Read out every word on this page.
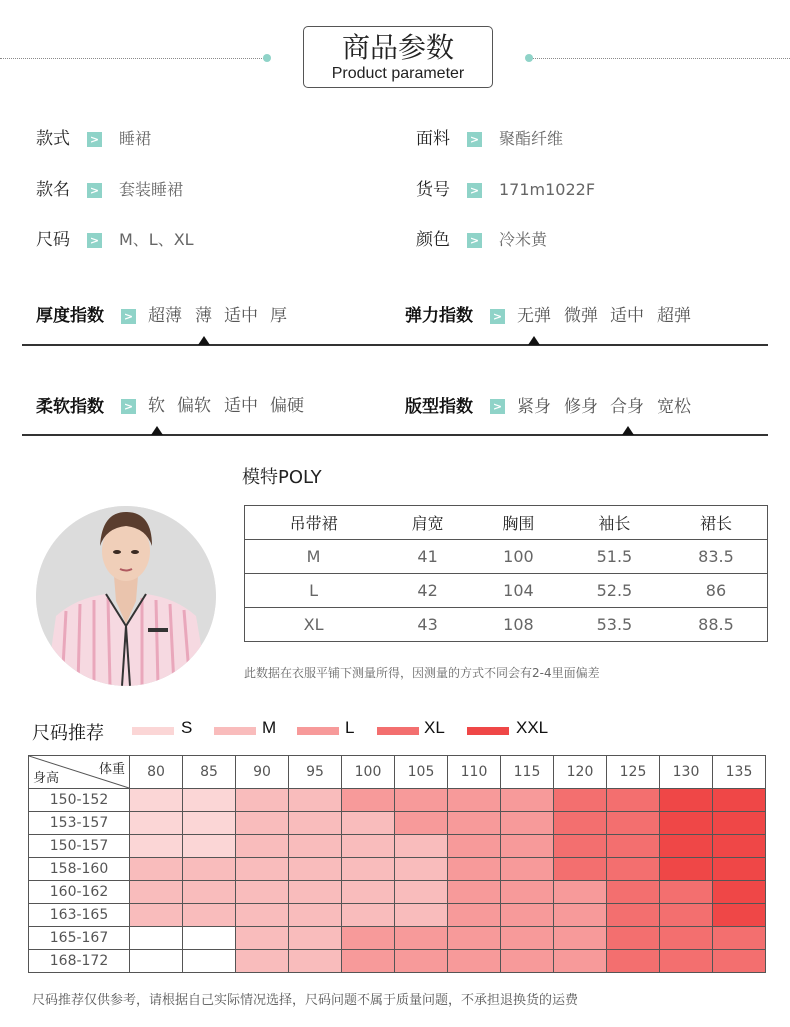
商品参数
Product parameter
款式 > 睡裙	面料 > 聚酯纤维
款名 > 套装睡裙	货号 > 171m1022F
尺码 > M、L、XL	颜色 > 冷米黄
厚度指数 > 超薄 薄 适中 厚	弹力指数 > 无弹 微弹 适中 超弹
柔软指数 > 软 偏软 适中 偏硬	版型指数 > 紧身 修身 合身 宽松
模特POLY
吊带裙	肩宽	胸围	袖长	裙长
M	41	100	51.5	83.5
L	42	104	52.5	86
XL	43	108	53.5	88.5
此数据在衣服平铺下测量所得，因测量的方式不同会有2-4里面偏差
尺码推荐	S	M	L	XL	XXL
体重
身高	80	85	90	95	100	105	110	115	120	125	130	135
150-152												
153-157												
150-157												
158-160												
160-162												
163-165												
165-167												
168-172												
尺码推荐仅供参考，请根据自己实际情况选择，尺码问题不属于质量问题，不承担退换货的运费
